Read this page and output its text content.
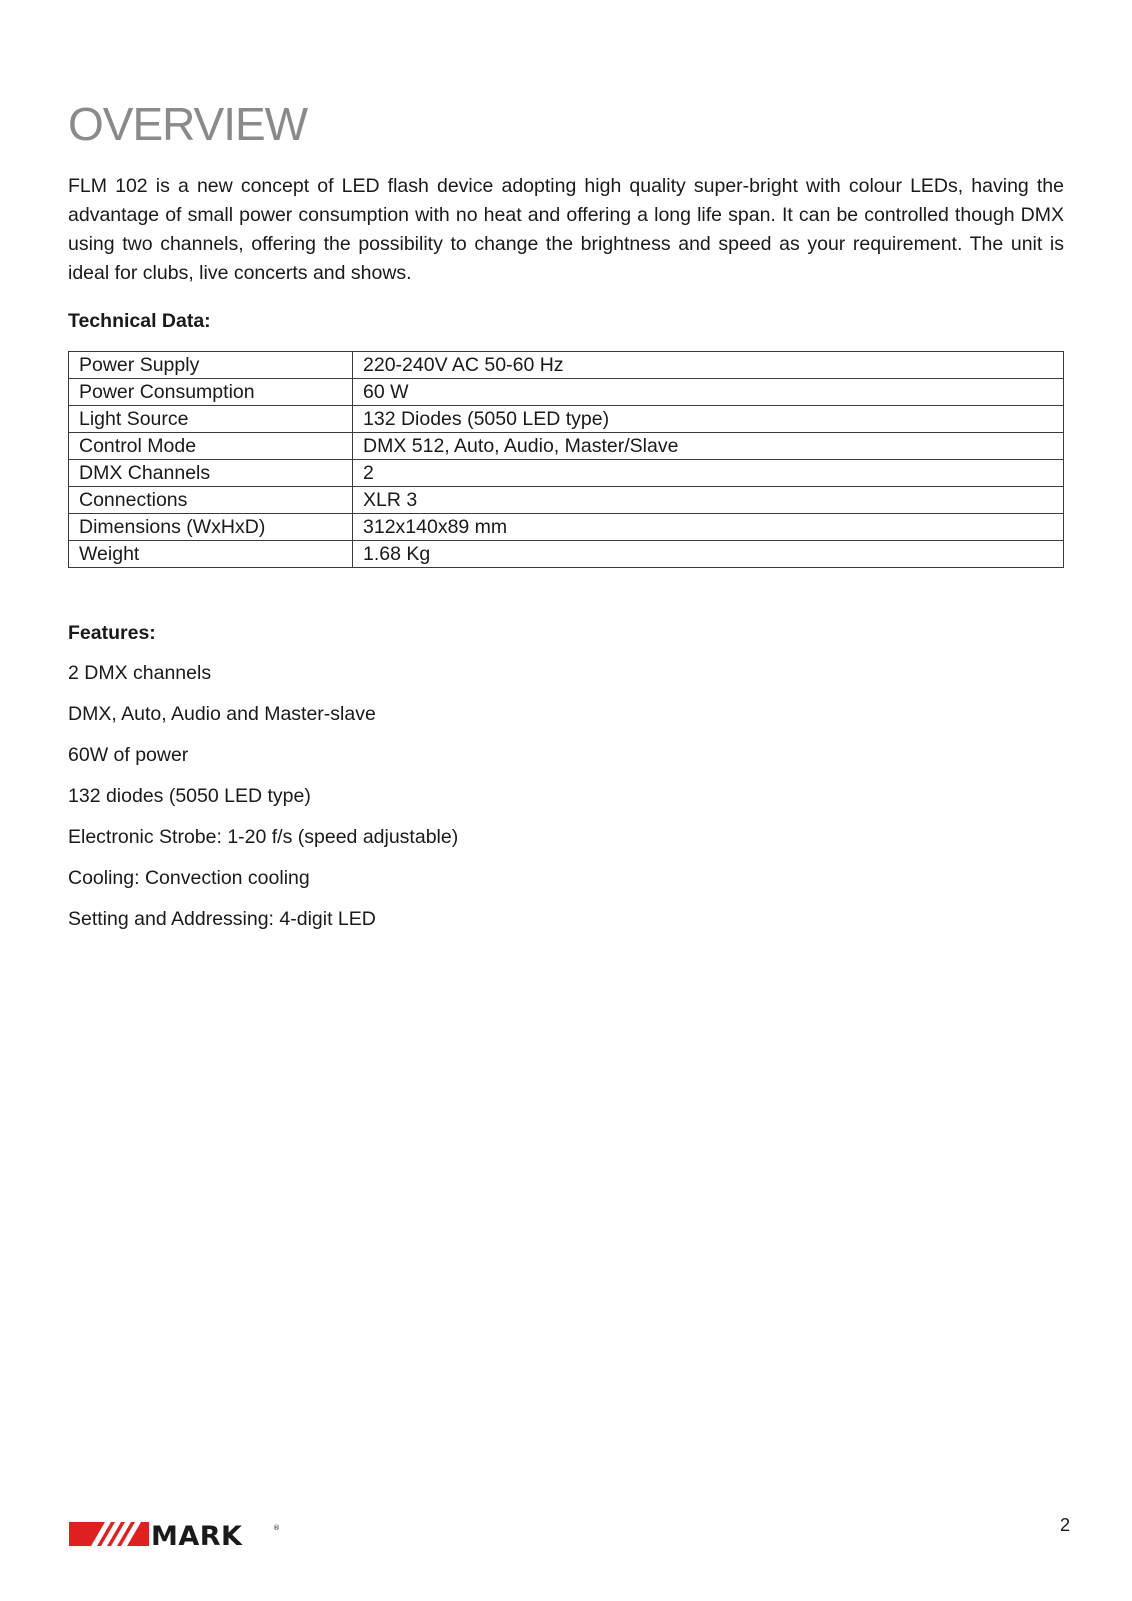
OVERVIEW

FLM 102 is a new concept of LED flash device adopting high quality super-bright with colour LEDs, having the advantage of small power consumption with no heat and offering a long life span. It can be controlled though DMX using two channels, offering the possibility to change the brightness and speed as your requirement. The unit is ideal for clubs, live concerts and shows.

Technical Data:
Power Supply	220-240V AC 50-60 Hz
Power Consumption	60 W
Light Source	132 Diodes (5050 LED type)
Control Mode	DMX 512, Auto, Audio, Master/Slave
DMX Channels	2
Connections	XLR 3
Dimensions (WxHxD)	312x140x89 mm
Weight	1.68 Kg
Features:
2 DMX channels
DMX, Auto, Audio and Master-slave
60W of power
132 diodes (5050 LED type)
Electronic Strobe: 1-20 f/s (speed adjustable)
Cooling: Convection cooling
Setting and Addressing: 4-digit LED
MARK	®	2
